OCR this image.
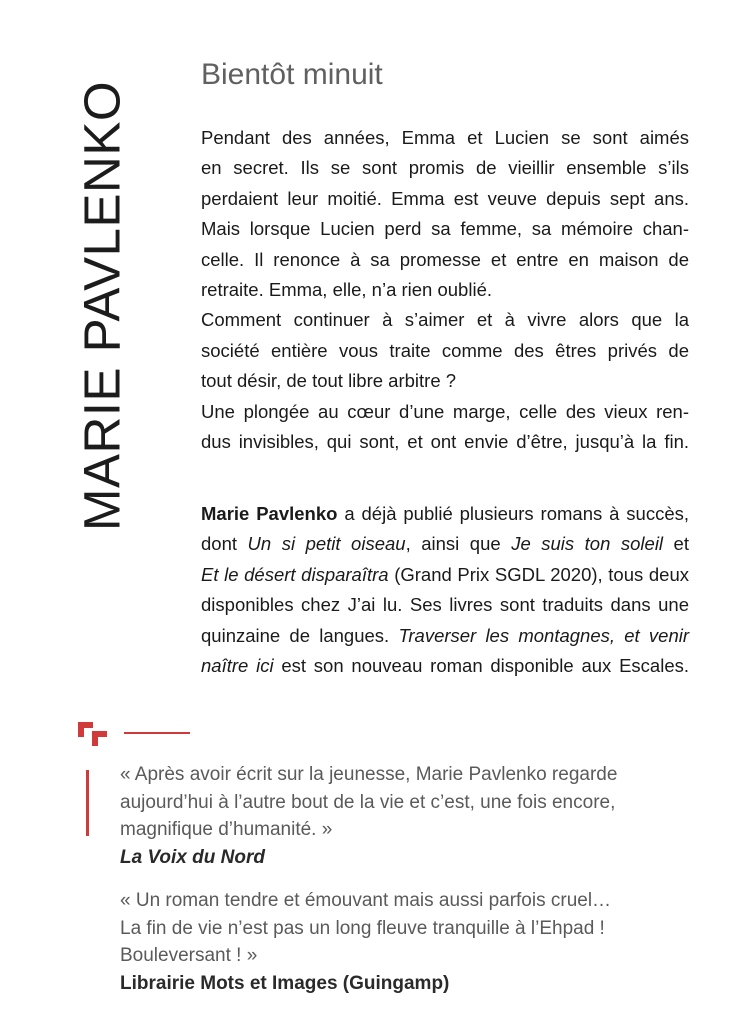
MARIE PAVLENKO
Bientôt minuit
Pendant des années, Emma et Lucien se sont aimés
en secret. Ils se sont promis de vieillir ensemble s’ils
perdaient leur moitié. Emma est veuve depuis sept ans.
Mais lorsque Lucien perd sa femme, sa mémoire chan-
celle. Il renonce à sa promesse et entre en maison de
retraite. Emma, elle, n’a rien oublié.
Comment continuer à s’aimer et à vivre alors que la
société entière vous traite comme des êtres privés de
tout désir, de tout libre arbitre ?
Une plongée au cœur d’une marge, celle des vieux ren-
dus invisibles, qui sont, et ont envie d’être, jusqu’à la fin.
Marie Pavlenko a déjà publié plusieurs romans à succès,
dont Un si petit oiseau, ainsi que Je suis ton soleil et
Et le désert disparaîtra (Grand Prix SGDL 2020), tous deux
disponibles chez J’ai lu. Ses livres sont traduits dans une
quinzaine de langues. Traverser les montagnes, et venir
naître ici est son nouveau roman disponible aux Escales.
« Après avoir écrit sur la jeunesse, Marie Pavlenko regarde
aujourd’hui à l’autre bout de la vie et c’est, une fois encore,
magnifique d’humanité. »
La Voix du Nord
« Un roman tendre et émouvant mais aussi parfois cruel…
La fin de vie n’est pas un long fleuve tranquille à l’Ehpad !
Bouleversant ! »
Librairie Mots et Images (Guingamp)
